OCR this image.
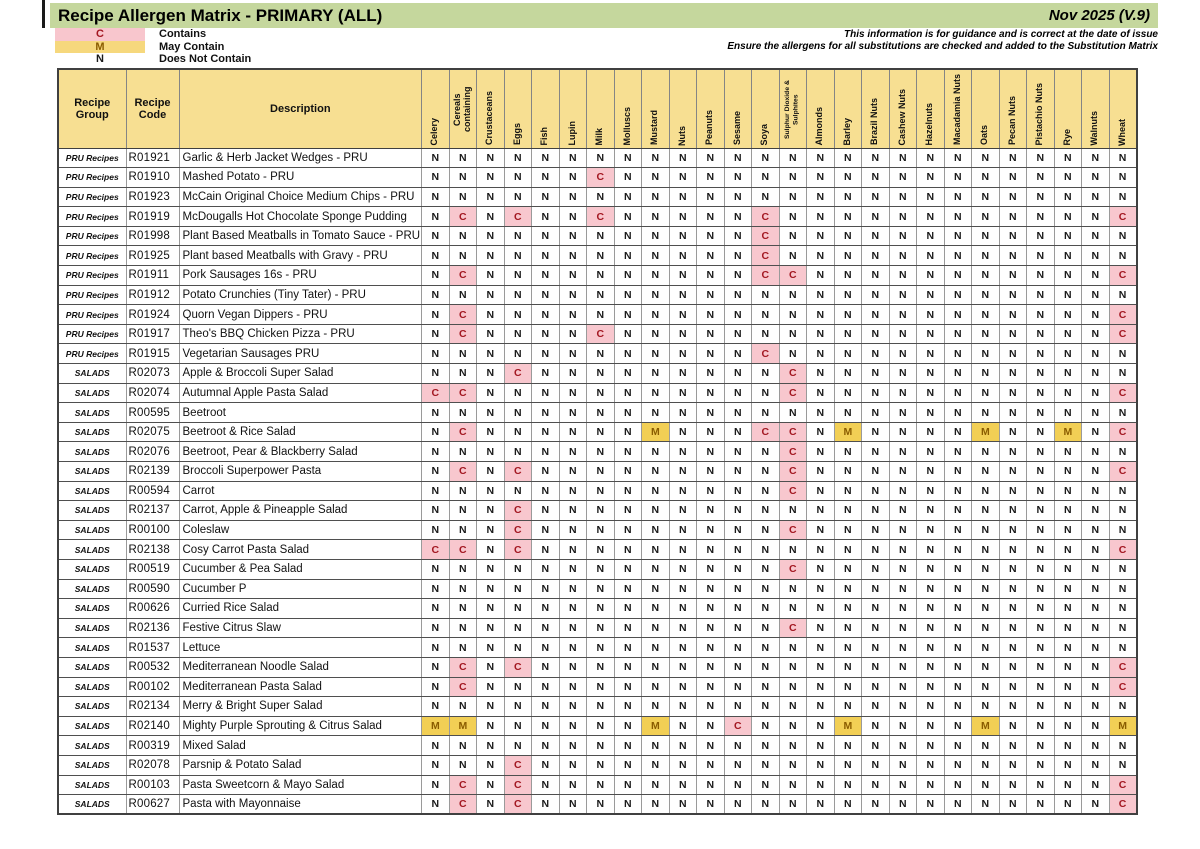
Recipe Allergen Matrix - PRIMARY (ALL)	Nov 2025 (V.9)
C	Contains
M	May Contain
N	Does Not Contain
This information is for guidance and is correct at the date of issue
Ensure the allergens for all substitutions are checked and added to the Substitution Matrix
Recipe Group	Recipe Code	Description	Celery	Cereals containing	Crustaceans	Eggs	Fish	Lupin	Milk	Molluscs	Mustard	Nuts	Peanuts	Sesame	Soya	Sulphur Dioxide & Sulphites	Almonds	Barley	Brazil Nuts	Cashew Nuts	Hazelnuts	Macadamia Nuts	Oats	Pecan Nuts	Pistachio Nuts	Rye	Walnuts	Wheat

PRU Recipes	R01921	Garlic & Herb Jacket Wedges - PRU	N	N	N	N	N	N	N	N	N	N	N	N	N	N	N	N	N	N	N	N	N	N	N	N	N	N
PRU Recipes	R01910	Mashed Potato - PRU	N	N	N	N	N	N	C	N	N	N	N	N	N	N	N	N	N	N	N	N	N	N	N	N	N	N
PRU Recipes	R01923	McCain Original Choice Medium Chips - PRU	N	N	N	N	N	N	N	N	N	N	N	N	N	N	N	N	N	N	N	N	N	N	N	N	N	N
PRU Recipes	R01919	McDougalls Hot Chocolate Sponge Pudding	N	C	N	C	N	N	C	N	N	N	N	N	C	N	N	N	N	N	N	N	N	N	N	N	N	C
PRU Recipes	R01998	Plant Based Meatballs in Tomato Sauce - PRU	N	N	N	N	N	N	N	N	N	N	N	N	C	N	N	N	N	N	N	N	N	N	N	N	N	N
PRU Recipes	R01925	Plant based Meatballs with Gravy - PRU	N	N	N	N	N	N	N	N	N	N	N	N	C	N	N	N	N	N	N	N	N	N	N	N	N	N
PRU Recipes	R01911	Pork Sausages 16s - PRU	N	C	N	N	N	N	N	N	N	N	N	N	C	C	N	N	N	N	N	N	N	N	N	N	N	C
PRU Recipes	R01912	Potato Crunchies (Tiny Tater) - PRU	N	N	N	N	N	N	N	N	N	N	N	N	N	N	N	N	N	N	N	N	N	N	N	N	N	N
PRU Recipes	R01924	Quorn Vegan Dippers - PRU	N	C	N	N	N	N	N	N	N	N	N	N	N	N	N	N	N	N	N	N	N	N	N	N	N	C
PRU Recipes	R01917	Theo's BBQ Chicken Pizza - PRU	N	C	N	N	N	N	C	N	N	N	N	N	N	N	N	N	N	N	N	N	N	N	N	N	N	C
PRU Recipes	R01915	Vegetarian Sausages PRU	N	N	N	N	N	N	N	N	N	N	N	N	C	N	N	N	N	N	N	N	N	N	N	N	N	N
SALADS	R02073	Apple & Broccoli Super Salad	N	N	N	C	N	N	N	N	N	N	N	N	N	C	N	N	N	N	N	N	N	N	N	N	N	N
SALADS	R02074	Autumnal Apple Pasta Salad	C	C	N	N	N	N	N	N	N	N	N	N	N	C	N	N	N	N	N	N	N	N	N	N	N	C
SALADS	R00595	Beetroot	N	N	N	N	N	N	N	N	N	N	N	N	N	N	N	N	N	N	N	N	N	N	N	N	N	N
SALADS	R02075	Beetroot & Rice Salad	N	C	N	N	N	N	N	N	M	N	N	N	C	C	N	M	N	N	N	N	M	N	N	M	N	C
SALADS	R02076	Beetroot, Pear & Blackberry Salad	N	N	N	N	N	N	N	N	N	N	N	N	N	C	N	N	N	N	N	N	N	N	N	N	N	N
SALADS	R02139	Broccoli Superpower Pasta	N	C	N	C	N	N	N	N	N	N	N	N	N	C	N	N	N	N	N	N	N	N	N	N	N	C
SALADS	R00594	Carrot	N	N	N	N	N	N	N	N	N	N	N	N	N	C	N	N	N	N	N	N	N	N	N	N	N	N
SALADS	R02137	Carrot, Apple & Pineapple Salad	N	N	N	C	N	N	N	N	N	N	N	N	N	N	N	N	N	N	N	N	N	N	N	N	N	N
SALADS	R00100	Coleslaw	N	N	N	C	N	N	N	N	N	N	N	N	N	C	N	N	N	N	N	N	N	N	N	N	N	N
SALADS	R02138	Cosy Carrot Pasta Salad	C	C	N	C	N	N	N	N	N	N	N	N	N	N	N	N	N	N	N	N	N	N	N	N	N	C
SALADS	R00519	Cucumber & Pea Salad	N	N	N	N	N	N	N	N	N	N	N	N	N	C	N	N	N	N	N	N	N	N	N	N	N	N
SALADS	R00590	Cucumber P	N	N	N	N	N	N	N	N	N	N	N	N	N	N	N	N	N	N	N	N	N	N	N	N	N	N
SALADS	R00626	Curried Rice Salad	N	N	N	N	N	N	N	N	N	N	N	N	N	N	N	N	N	N	N	N	N	N	N	N	N	N
SALADS	R02136	Festive Citrus Slaw	N	N	N	N	N	N	N	N	N	N	N	N	N	C	N	N	N	N	N	N	N	N	N	N	N	N
SALADS	R01537	Lettuce	N	N	N	N	N	N	N	N	N	N	N	N	N	N	N	N	N	N	N	N	N	N	N	N	N	N
SALADS	R00532	Mediterranean Noodle Salad	N	C	N	C	N	N	N	N	N	N	N	N	N	N	N	N	N	N	N	N	N	N	N	N	N	C
SALADS	R00102	Mediterranean Pasta Salad	N	C	N	N	N	N	N	N	N	N	N	N	N	N	N	N	N	N	N	N	N	N	N	N	N	C
SALADS	R02134	Merry & Bright Super Salad	N	N	N	N	N	N	N	N	N	N	N	N	N	N	N	N	N	N	N	N	N	N	N	N	N	N
SALADS	R02140	Mighty Purple Sprouting & Citrus Salad	M	M	N	N	N	N	N	N	M	N	N	C	N	N	N	M	N	N	N	N	M	N	N	N	N	M
SALADS	R00319	Mixed Salad	N	N	N	N	N	N	N	N	N	N	N	N	N	N	N	N	N	N	N	N	N	N	N	N	N	N
SALADS	R02078	Parsnip & Potato Salad	N	N	N	C	N	N	N	N	N	N	N	N	N	N	N	N	N	N	N	N	N	N	N	N	N	N
SALADS	R00103	Pasta Sweetcorn & Mayo Salad	N	C	N	C	N	N	N	N	N	N	N	N	N	N	N	N	N	N	N	N	N	N	N	N	N	C
SALADS	R00627	Pasta with Mayonnaise	N	C	N	C	N	N	N	N	N	N	N	N	N	N	N	N	N	N	N	N	N	N	N	N	N	C
